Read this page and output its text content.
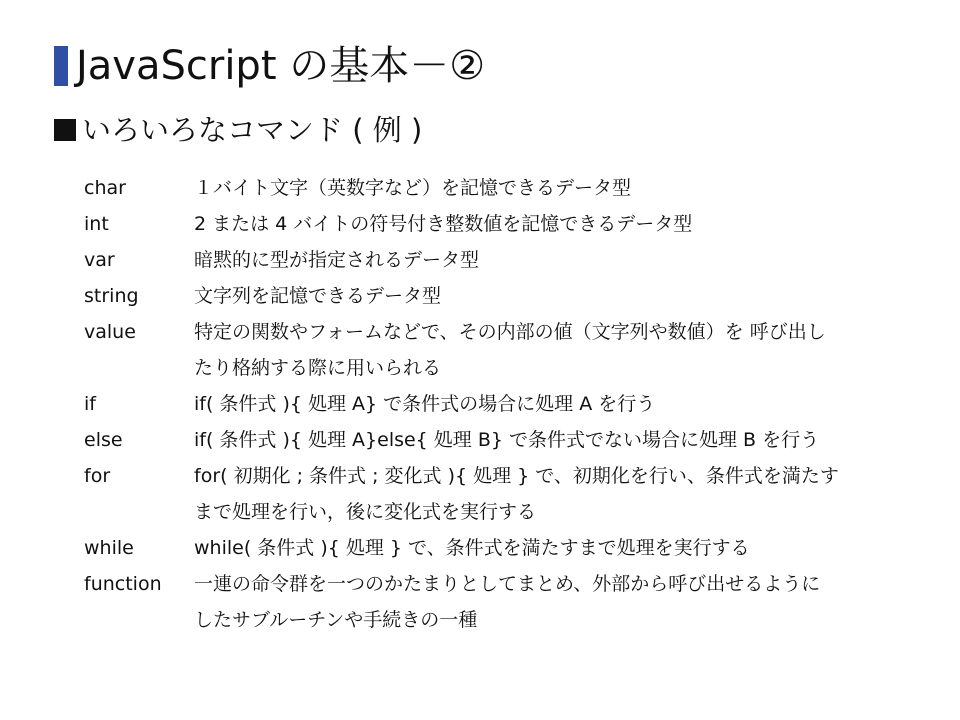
JavaScript の基本－②
いろいろなコマンド ( 例 )
char	１バイト文字（英数字など）を記憶できるデータ型
int	2 または 4 バイトの符号付き整数値を記憶できるデータ型
var	暗黙的に型が指定されるデータ型
string	文字列を記憶できるデータ型
value	特定の関数やフォームなどで、その内部の値（文字列や数値）を 呼び出し
たり格納する際に用いられる
if	if( 条件式 ){ 処理 A} で条件式の場合に処理 A を行う
else	if( 条件式 ){ 処理 A}else{ 処理 B} で条件式でない場合に処理 B を行う
for	for( 初期化 ; 条件式 ; 変化式 ){ 処理 } で、初期化を行い、条件式を満たす
まで処理を行い，後に変化式を実行する
while	while( 条件式 ){ 処理 } で、条件式を満たすまで処理を実行する
function	一連の命令群を一つのかたまりとしてまとめ、外部から呼び出せるように
したサブルーチンや手続きの一種
